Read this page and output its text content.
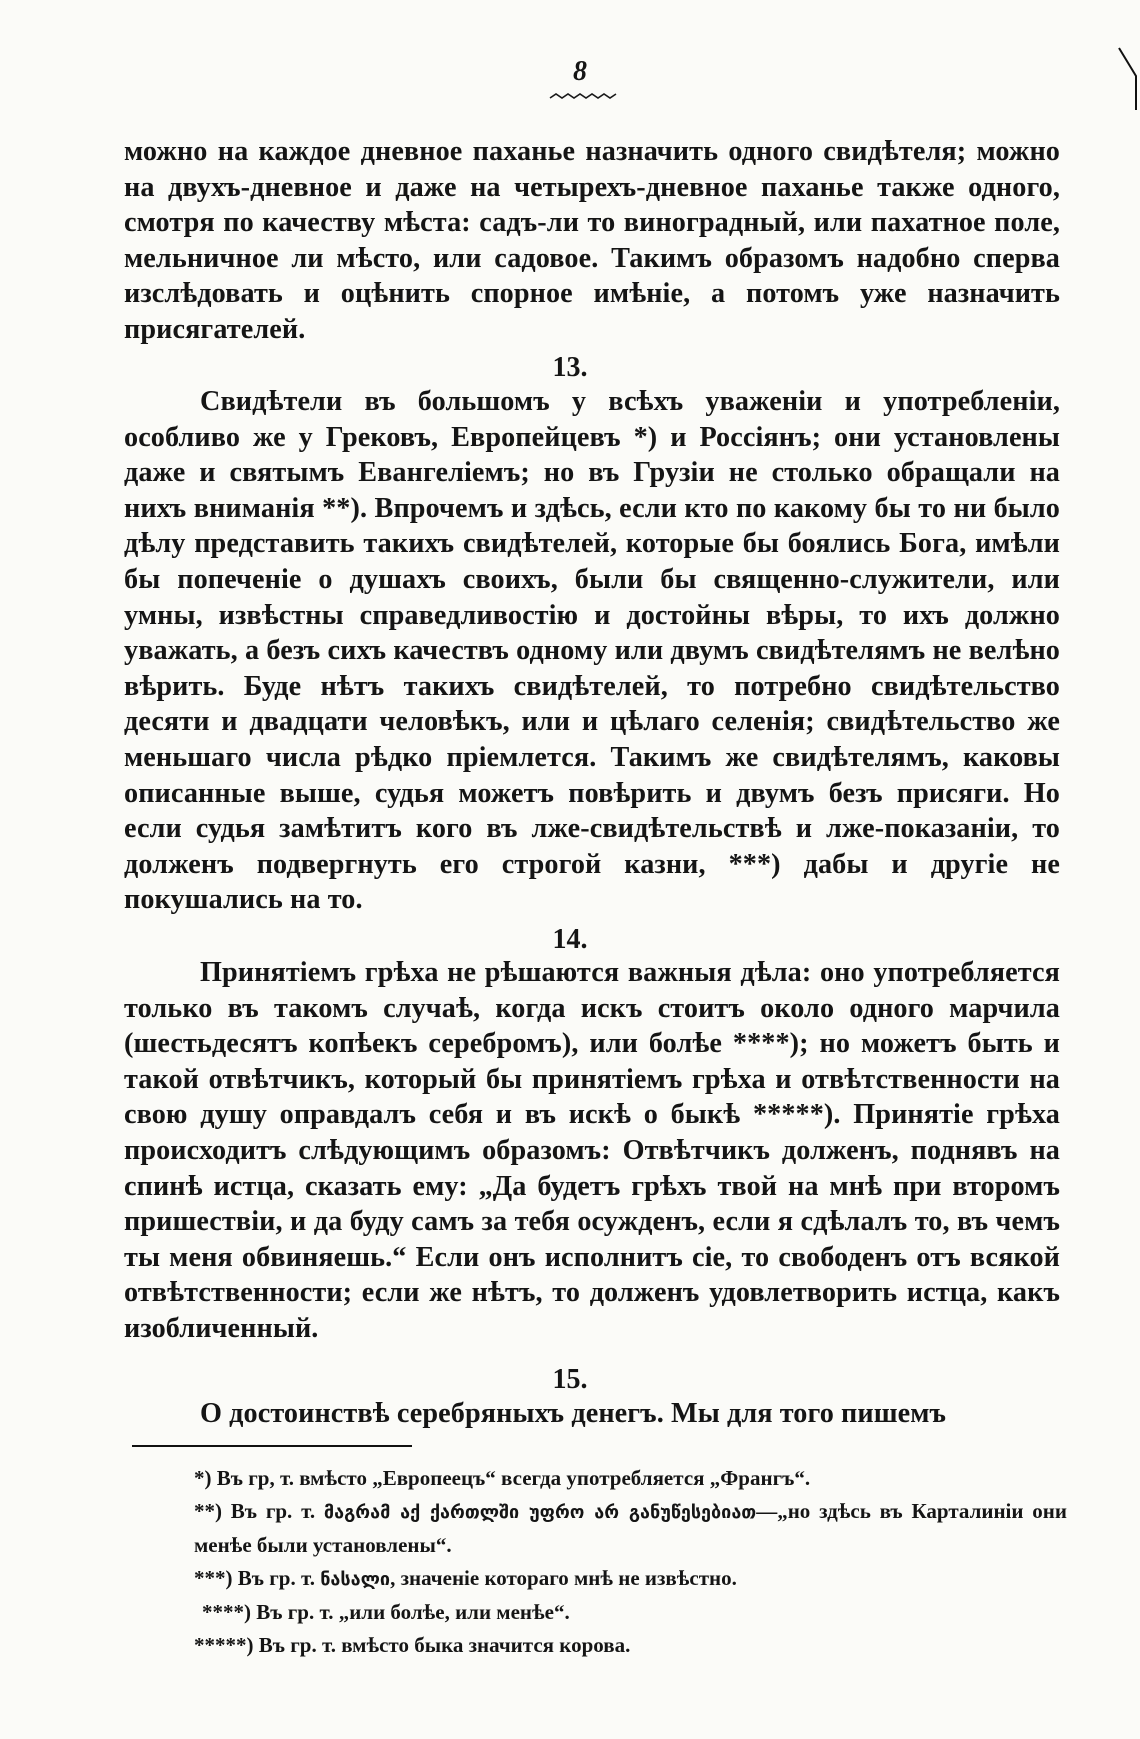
8
можно на каждое дневное паханье назначить одного свидѣтеля; можно на двухъ-дневное и даже на четырехъ-дневное паханье также одного, смотря по качеству мѣста: садъ-ли то виноградный, или пахатное поле, мельничное ли мѣсто, или садовое. Такимъ образомъ надобно сперва изслѣдовать и оцѣнить спорное имѣніе, а потомъ уже назначить присягателей.
13.
Свидѣтели въ большомъ у всѣхъ уваженіи и употребленіи, особливо же у Грековъ, Европейцевъ *) и Россіянъ; они установлены даже и святымъ Евангеліемъ; но въ Грузіи не столько обращали на нихъ вниманія **). Впрочемъ и здѣсь, если кто по какому бы то ни было дѣлу представить такихъ свидѣтелей, которые бы боялись Бога, имѣли бы попеченіе о душахъ своихъ, были бы священно-служители, или умны, извѣстны справедливостію и достойны вѣры, то ихъ должно уважать, а безъ сихъ качествъ одному или двумъ свидѣтелямъ не велѣно вѣрить. Буде нѣтъ такихъ свидѣтелей, то потребно свидѣтельство десяти и двадцати человѣкъ, или и цѣлаго селенія; свидѣтельство же меньшаго числа рѣдко пріемлется. Такимъ же свидѣтелямъ, каковы описанные выше, судья можетъ повѣрить и двумъ безъ присяги. Но если судья замѣтитъ кого въ лже-свидѣтельствѣ и лже-показаніи, то долженъ подвергнуть его строгой казни, ***) дабы и другіе не покушались на то.
14.
Принятіемъ грѣха не рѣшаются важныя дѣла: оно употребляется только въ такомъ случаѣ, когда искъ стоитъ около одного марчила (шестьдесятъ копѣекъ серебромъ), или болѣе ****); но можетъ быть и такой отвѣтчикъ, который бы принятіемъ грѣха и отвѣтственности на свою душу оправдалъ себя и въ искѣ о быкѣ *****). Принятіе грѣха происходитъ слѣдующимъ образомъ: Отвѣтчикъ долженъ, поднявъ на спинѣ истца, сказать ему: „Да будетъ грѣхъ твой на мнѣ при второмъ пришествіи, и да буду самъ за тебя осужденъ, если я сдѣлалъ то, въ чемъ ты меня обвиняешь.“ Если онъ исполнитъ сіе, то свободенъ отъ всякой отвѣтственности; если же нѣтъ, то долженъ удовлетворить истца, какъ изобличенный.
15.
О достоинствѣ серебряныхъ денегъ. Мы для того пишемъ

*) Въ гр, т. вмѣсто „Европеецъ“ всегда употребляется „Франгъ“.

**) Въ гр. т. მაგრამ აქ ქართლში უფრო არ განუწესებიათ—„но здѣсь въ Карталиніи они менѣе были установлены“.

***) Въ гр. т. ნასალი, значеніе котораго мнѣ не извѣстно.

****) Въ гр. т. „или болѣе, или менѣе“.

*****) Въ гр. т. вмѣсто быка значится корова.
